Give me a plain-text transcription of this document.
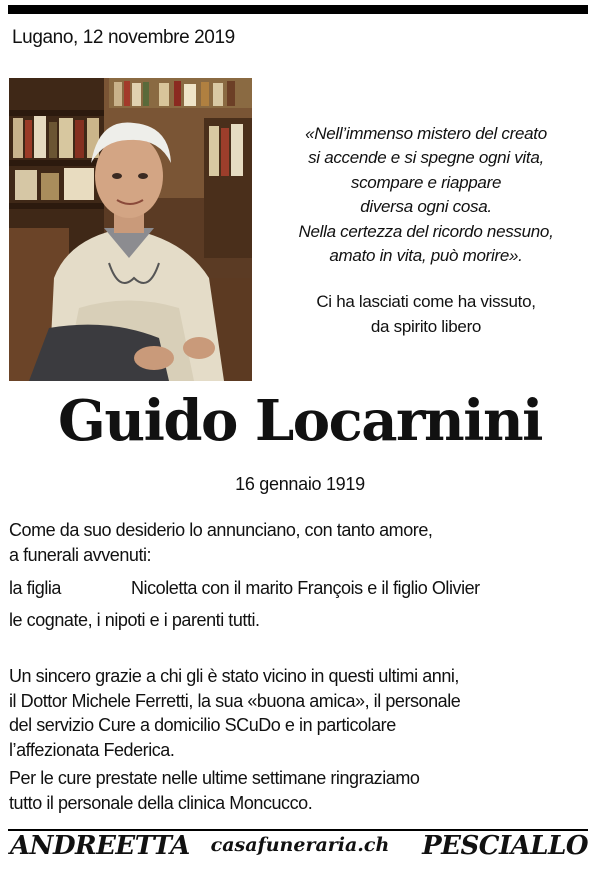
Lugano, 12 novembre 2019
«Nell’immenso mistero del creato
si accende e si spegne ogni vita,
scompare e riappare
diversa ogni cosa.
Nella certezza del ricordo nessuno,
amato in vita, può morire».
Ci ha lasciati come ha vissuto,
da spirito libero
Guido Locarnini
16 gennaio 1919
Come da suo desiderio lo annunciano, con tanto amore,
a funerali avvenuti:
la figlia	Nicoletta con il marito François e il figlio Olivier
le cognate, i nipoti e i parenti tutti.
Un sincero grazie a chi gli è stato vicino in questi ultimi anni,
il Dottor Michele Ferretti, la sua «buona amica», il personale
del servizio Cure a domicilio SCuDo e in particolare
l’affezionata Federica.
Per le cure prestate nelle ultime settimane ringraziamo
tutto il personale della clinica Moncucco.
ANDREETTA	casafuneraria.ch	PESCIALLO
